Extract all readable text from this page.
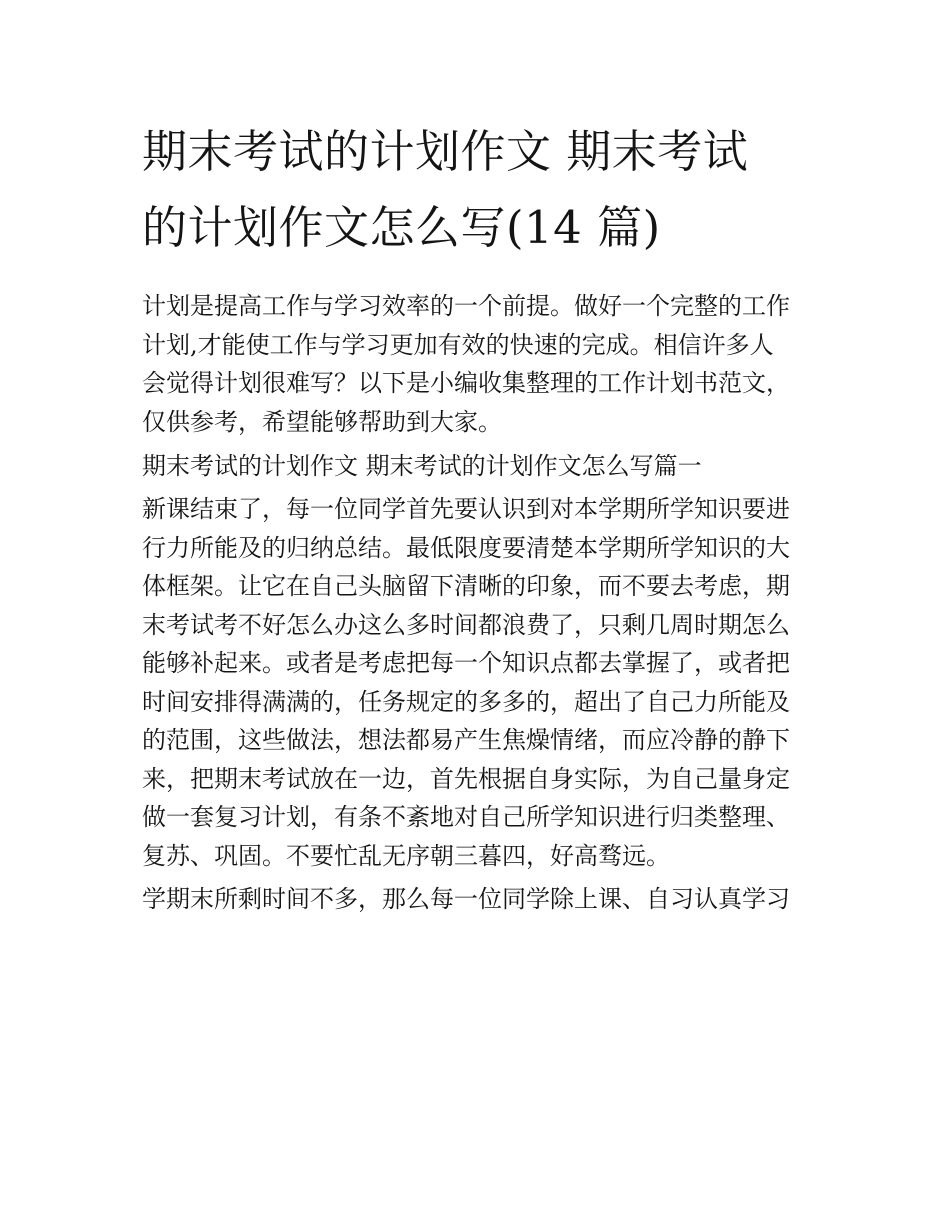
期末考试的计划作文 期末考试
的计划作文怎么写(14 篇)

计划是提高工作与学习效率的一个前提。做好一个完整的工作
计划,才能使工作与学习更加有效的快速的完成。相信许多人
会觉得计划很难写？以下是小编收集整理的工作计划书范文，
仅供参考，希望能够帮助到大家。

期末考试的计划作文 期末考试的计划作文怎么写篇一

新课结束了，每一位同学首先要认识到对本学期所学知识要进
行力所能及的归纳总结。最低限度要清楚本学期所学知识的大
体框架。让它在自己头脑留下清晰的印象，而不要去考虑，期
末考试考不好怎么办这么多时间都浪费了，只剩几周时期怎么
能够补起来。或者是考虑把每一个知识点都去掌握了，或者把
时间安排得满满的，任务规定的多多的，超出了自己力所能及
的范围，这些做法，想法都易产生焦燥情绪，而应冷静的静下
来，把期末考试放在一边，首先根据自身实际，为自己量身定
做一套复习计划，有条不紊地对自己所学知识进行归类整理、
复苏、巩固。不要忙乱无序朝三暮四，好高骛远。

学期末所剩时间不多，那么每一位同学除上课、自习认真学习
